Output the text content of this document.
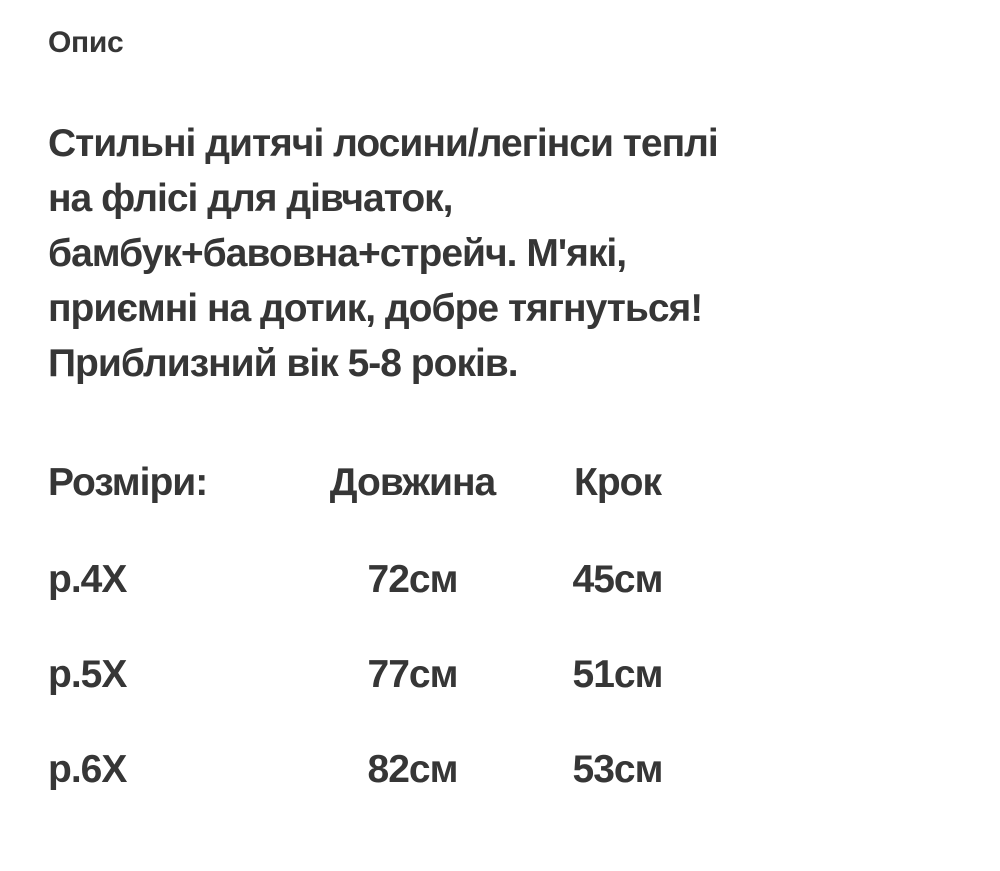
Опис
Стильні дитячі лосини/легінси теплі
на флісі для дівчаток,
бамбук+бавовна+стрейч. М'які,
приємні на дотик, добре тягнуться!
Приблизний вік 5-8 років.
Розміри:	Довжина	Крок
р.4Х	72см	45см
р.5Х	77см	51см
р.6Х	82см	53см
